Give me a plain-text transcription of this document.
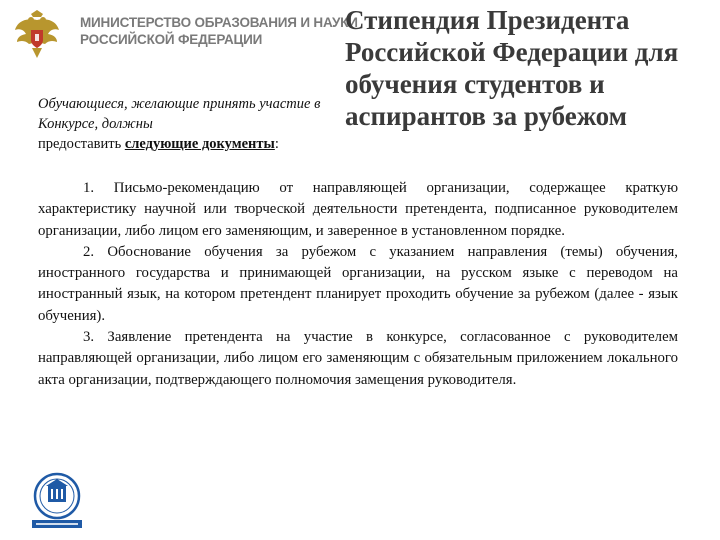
МИНИСТЕРСТВО ОБРАЗОВАНИЯ И НАУКИ
РОССИЙСКОЙ ФЕДЕРАЦИИ
Стипендия Президента Российской Федерации для обучения студентов и аспирантов за рубежом
Обучающиеся, желающие принять участие в Конкурсе, должны
предоставить следующие документы:

1. Письмо-рекомендацию от направляющей организации, содержащее краткую характеристику научной или творческой деятельности претендента, подписанное руководителем организации, либо лицом его заменяющим, и заверенное в установленном порядке.

2. Обоснование обучения за рубежом с указанием направления (темы) обучения, иностранного государства и принимающей организации, на русском языке с переводом на иностранный язык, на котором претендент планирует проходить обучение за рубежом (далее - язык обучения).

3. Заявление претендента на участие в конкурсе, согласованное с руководителем направляющей организации, либо лицом его заменяющим с обязательным приложением локального акта организации, подтверждающего полномочия замещения руководителя.
